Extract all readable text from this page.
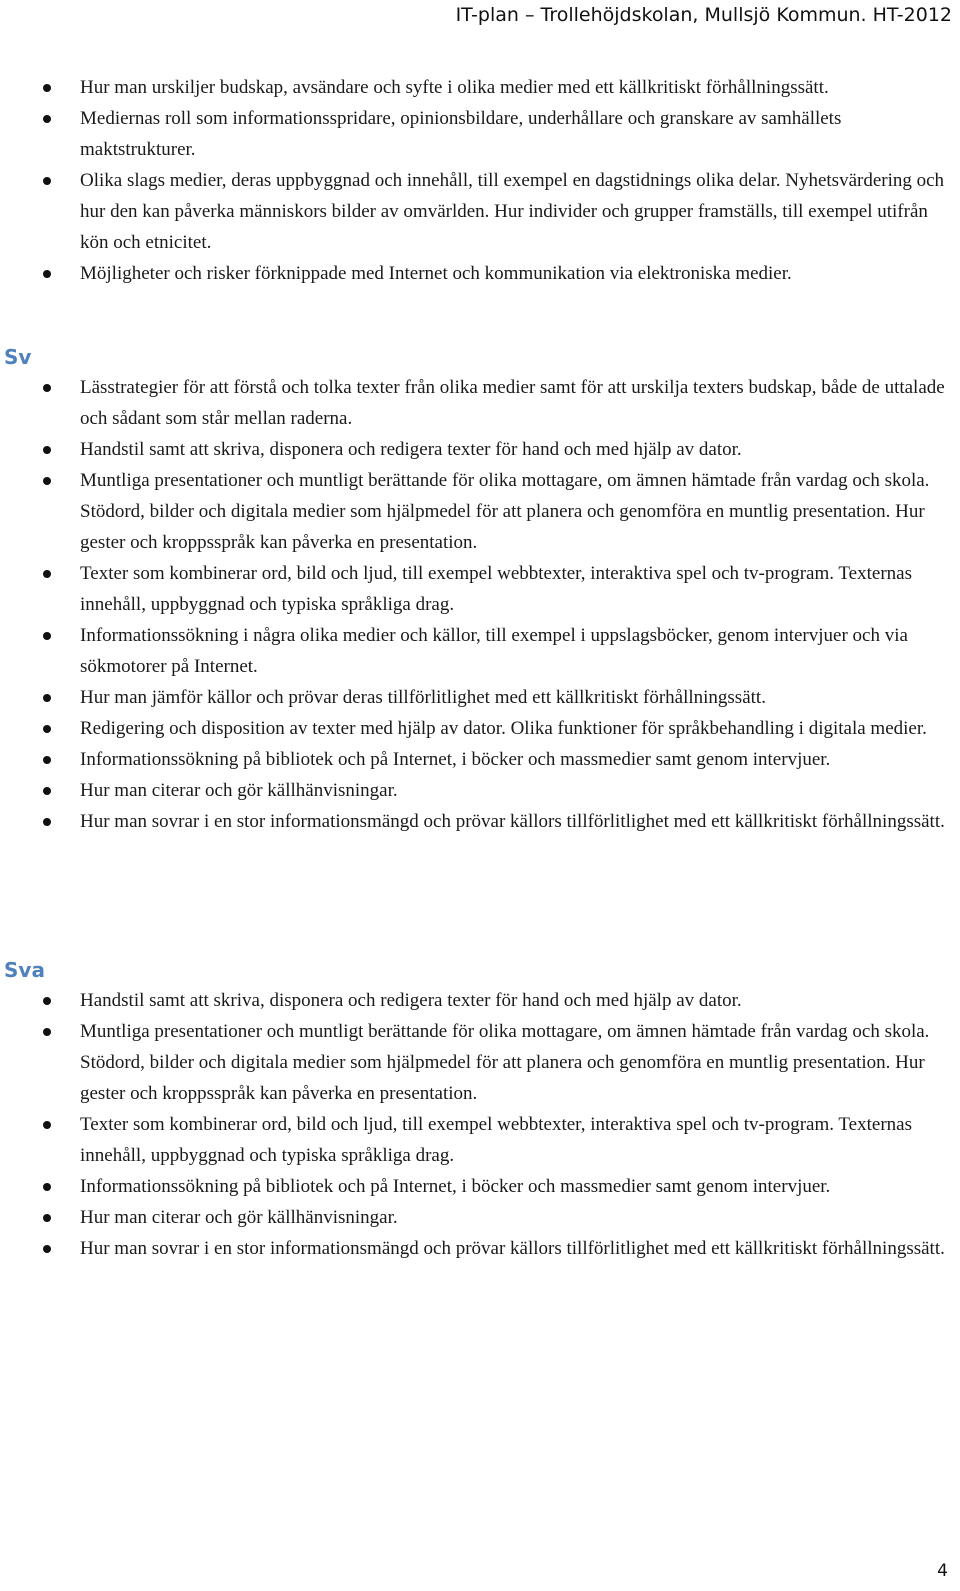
IT-plan – Trollehöjdskolan, Mullsjö Kommun. HT-2012
Hur man urskiljer budskap, avsändare och syfte i olika medier med ett källkritiskt förhållningssätt.
Mediernas roll som informationsspridare, opinionsbildare, underhållare och granskare av samhällets maktstrukturer.
Olika slags medier, deras uppbyggnad och innehåll, till exempel en dagstidnings olika delar. Nyhetsvärdering och hur den kan påverka människors bilder av omvärlden. Hur individer och grupper framställs, till exempel utifrån kön och etnicitet.
Möjligheter och risker förknippade med Internet och kommunikation via elektroniska medier.
Sv
Lässtrategier för att förstå och tolka texter från olika medier samt för att urskilja texters budskap, både de uttalade och sådant som står mellan raderna.
Handstil samt att skriva, disponera och redigera texter för hand och med hjälp av dator.
Muntliga presentationer och muntligt berättande för olika mottagare, om ämnen hämtade från vardag och skola. Stödord, bilder och digitala medier som hjälpmedel för att planera och genomföra en muntlig presentation. Hur gester och kroppsspråk kan påverka en presentation.
Texter som kombinerar ord, bild och ljud, till exempel webbtexter, interaktiva spel och tv-program. Texternas innehåll, uppbyggnad och typiska språkliga drag.
Informationssökning i några olika medier och källor, till exempel i uppslagsböcker, genom intervjuer och via sökmotorer på Internet.
Hur man jämför källor och prövar deras tillförlitlighet med ett källkritiskt förhållningssätt.
Redigering och disposition av texter med hjälp av dator. Olika funktioner för språkbehandling i digitala medier.
Informationssökning på bibliotek och på Internet, i böcker och massmedier samt genom intervjuer.
Hur man citerar och gör källhänvisningar.
Hur man sovrar i en stor informationsmängd och prövar källors tillförlitlighet med ett källkritiskt förhållningssätt.
Sva
Handstil samt att skriva, disponera och redigera texter för hand och med hjälp av dator.
Muntliga presentationer och muntligt berättande för olika mottagare, om ämnen hämtade från vardag och skola. Stödord, bilder och digitala medier som hjälpmedel för att planera och genomföra en muntlig presentation. Hur gester och kroppsspråk kan påverka en presentation.
Texter som kombinerar ord, bild och ljud, till exempel webbtexter, interaktiva spel och tv-program. Texternas innehåll, uppbyggnad och typiska språkliga drag.
Informationssökning på bibliotek och på Internet, i böcker och massmedier samt genom intervjuer.
Hur man citerar och gör källhänvisningar.
Hur man sovrar i en stor informationsmängd och prövar källors tillförlitlighet med ett källkritiskt förhållningssätt.
4
